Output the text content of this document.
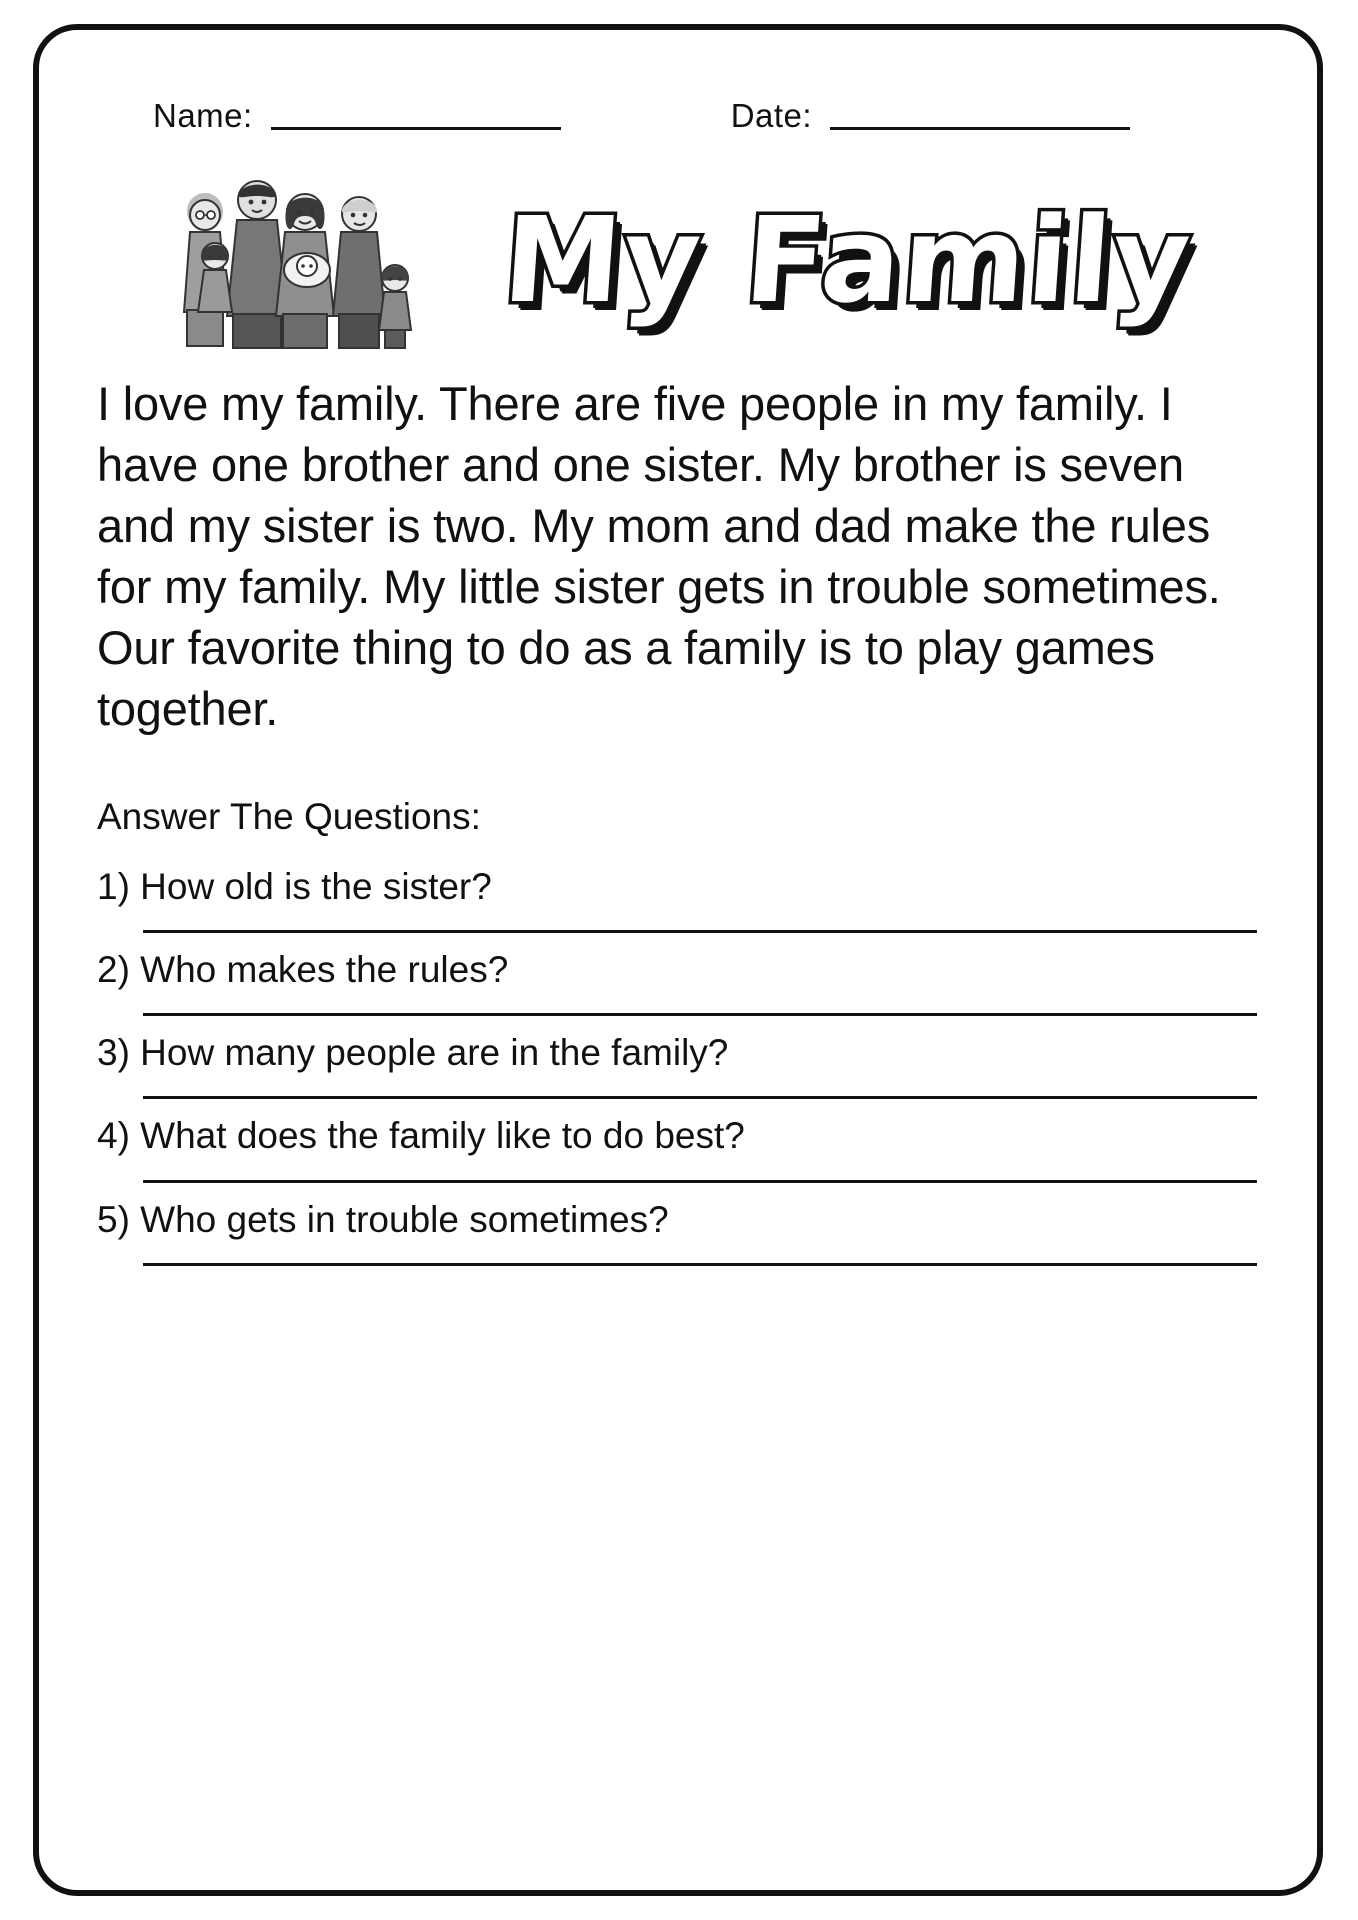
Name:	Date:
My Family
I love my family. There are five people in my family. I have one brother and one sister. My brother is seven and my sister is two. My mom and dad make the rules for my family. My little sister gets in trouble sometimes. Our favorite thing to do as a family is to play games together.
Answer The Questions:
1) How old is the sister?
2) Who makes the rules?
3) How many people are in the family?
4) What does the family like to do best?
5) Who gets in trouble sometimes?
